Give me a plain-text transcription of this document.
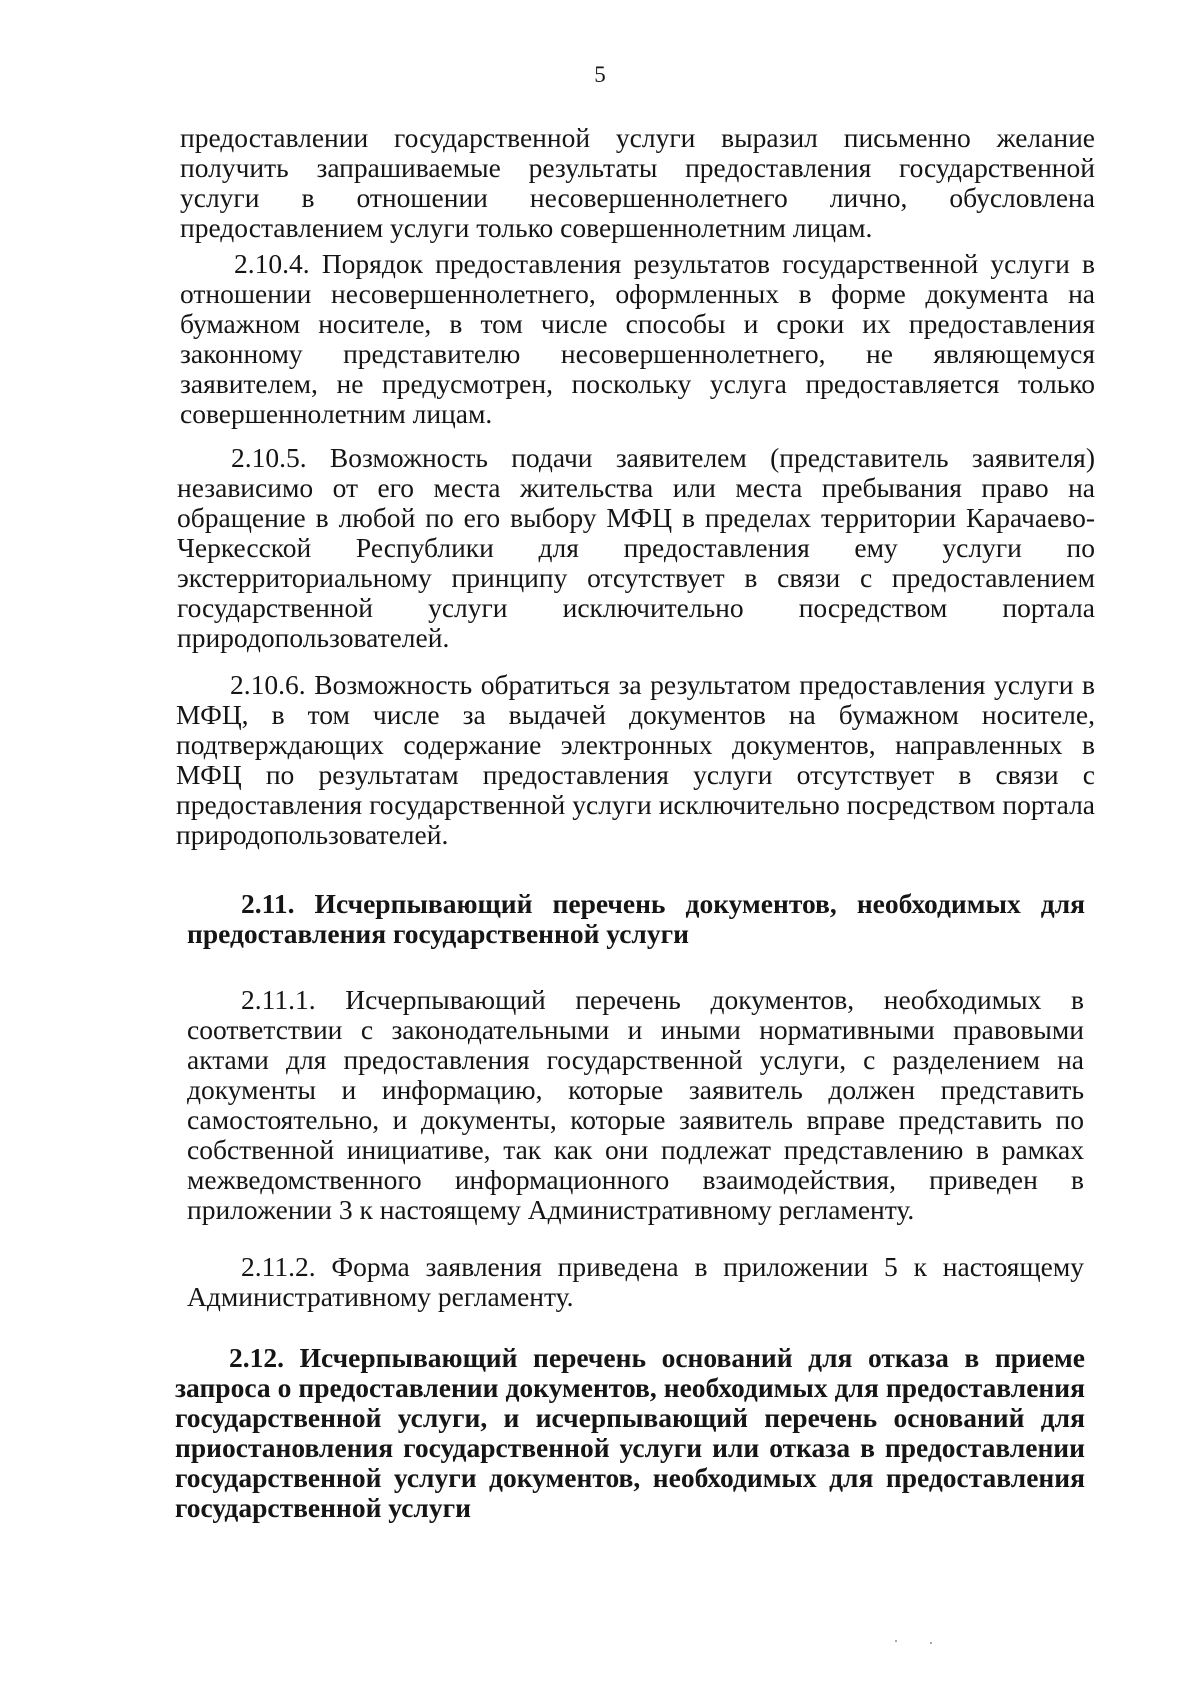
5

предоставлении государственной услуги выразил письменно желание получить запрашиваемые результаты предоставления государственной услуги в отношении несовершеннолетнего лично, обусловлена предоставлением услуги только совершеннолетним лицам.

2.10.4. Порядок предоставления результатов государственной услуги в отношении несовершеннолетнего, оформленных в форме документа на бумажном носителе, в том числе способы и сроки их предоставления законному представителю несовершеннолетнего, не являющемуся заявителем, не предусмотрен, поскольку услуга предоставляется только совершеннолетним лицам.

2.10.5. Возможность подачи заявителем (представитель заявителя) независимо от его места жительства или места пребывания право на обращение в любой по его выбору МФЦ в пределах территории Карачаево-Черкесской Республики для предоставления ему услуги по экстерриториальному принципу отсутствует в связи с предоставлением государственной услуги исключительно посредством портала природопользователей.

2.10.6. Возможность обратиться за результатом предоставления услуги в МФЦ, в том числе за выдачей документов на бумажном носителе, подтверждающих содержание электронных документов, направленных в МФЦ по результатам предоставления услуги отсутствует в связи с предоставления государственной услуги исключительно посредством портала природопользователей.

2.11. Исчерпывающий перечень документов, необходимых для предоставления государственной услуги

2.11.1. Исчерпывающий перечень документов, необходимых в соответствии с законодательными и иными нормативными правовыми актами для предоставления государственной услуги, с разделением на документы и информацию, которые заявитель должен представить самостоятельно, и документы, которые заявитель вправе представить по собственной инициативе, так как они подлежат представлению в рамках межведомственного информационного взаимодействия, приведен в приложении 3 к настоящему Административному регламенту.

2.11.2. Форма заявления приведена в приложении 5 к настоящему Административному регламенту.

2.12. Исчерпывающий перечень оснований для отказа в приеме запроса о предоставлении документов, необходимых для предоставления государственной услуги, и исчерпывающий перечень оснований для приостановления государственной услуги или отказа в предоставлении государственной услуги документов, необходимых для предоставления государственной услуги
